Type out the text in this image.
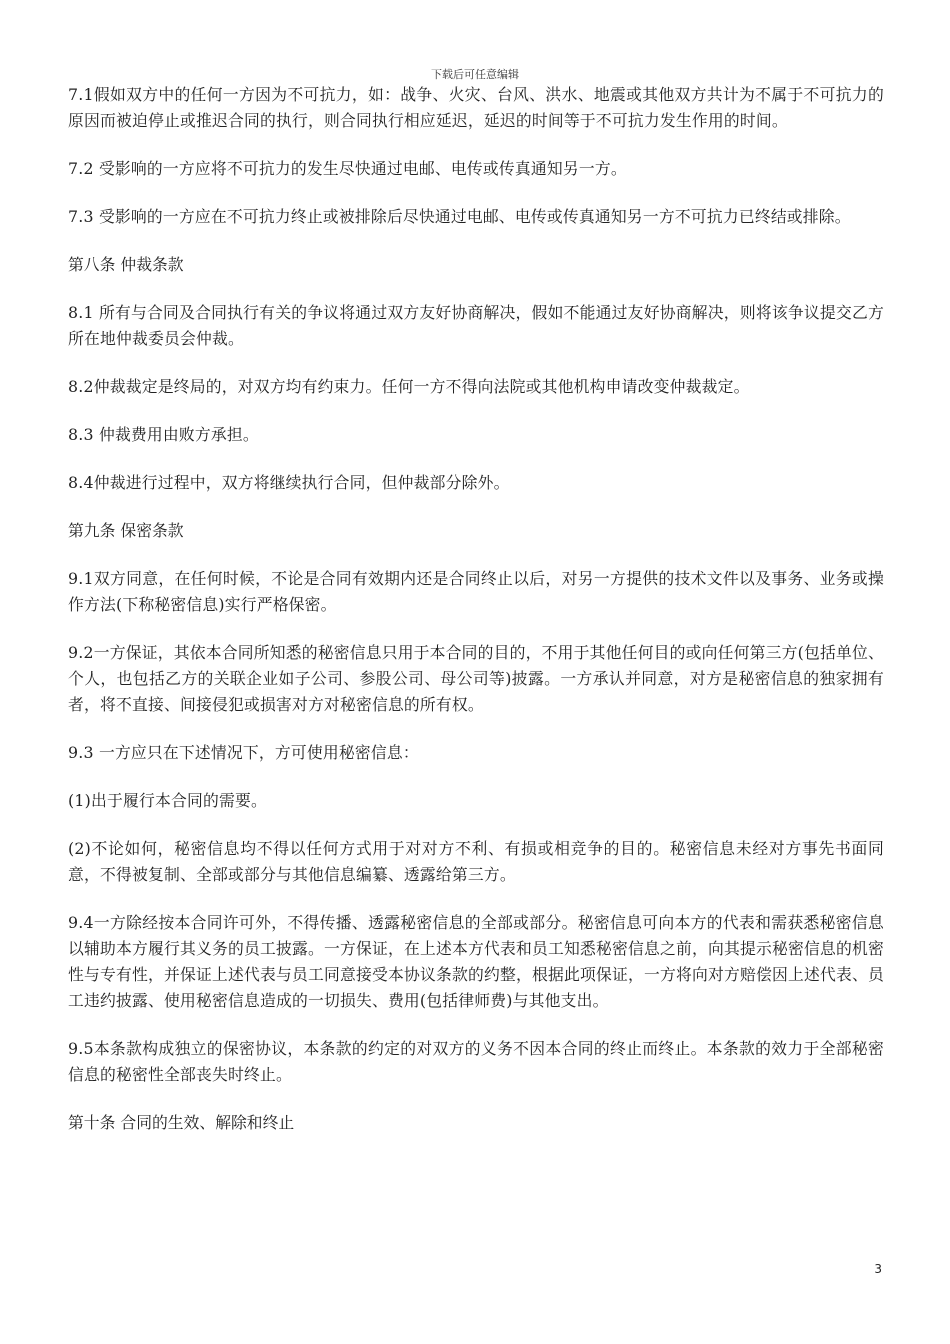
下载后可任意编辑

7.1假如双方中的任何一方因为不可抗力，如：战争、火灾、台风、洪水、地震或其他双方共计为不属于不可抗力的原因而被迫停止或推迟合同的执行，则合同执行相应延迟，延迟的时间等于不可抗力发生作用的时间。

7.2 受影响的一方应将不可抗力的发生尽快通过电邮、电传或传真通知另一方。

7.3 受影响的一方应在不可抗力终止或被排除后尽快通过电邮、电传或传真通知另一方不可抗力已终结或排除。

第八条 仲裁条款

8.1 所有与合同及合同执行有关的争议将通过双方友好协商解决，假如不能通过友好协商解决，则将该争议提交乙方所在地仲裁委员会仲裁。

8.2仲裁裁定是终局的，对双方均有约束力。任何一方不得向法院或其他机构申请改变仲裁裁定。

8.3 仲裁费用由败方承担。

8.4仲裁进行过程中，双方将继续执行合同，但仲裁部分除外。

第九条 保密条款

9.1双方同意，在任何时候，不论是合同有效期内还是合同终止以后，对另一方提供的技术文件以及事务、业务或操作方法(下称秘密信息)实行严格保密。

9.2一方保证，其依本合同所知悉的秘密信息只用于本合同的目的，不用于其他任何目的或向任何第三方(包括单位、个人，也包括乙方的关联企业如子公司、参股公司、母公司等)披露。一方承认并同意，对方是秘密信息的独家拥有者，将不直接、间接侵犯或损害对方对秘密信息的所有权。

9.3 一方应只在下述情况下，方可使用秘密信息：

(1)出于履行本合同的需要。

(2)不论如何，秘密信息均不得以任何方式用于对对方不利、有损或相竞争的目的。秘密信息未经对方事先书面同意，不得被复制、全部或部分与其他信息编纂、透露给第三方。

9.4一方除经按本合同许可外，不得传播、透露秘密信息的全部或部分。秘密信息可向本方的代表和需获悉秘密信息以辅助本方履行其义务的员工披露。一方保证，在上述本方代表和员工知悉秘密信息之前，向其提示秘密信息的机密性与专有性，并保证上述代表与员工同意接受本协议条款的约整，根据此项保证，一方将向对方赔偿因上述代表、员工违约披露、使用秘密信息造成的一切损失、费用(包括律师费)与其他支出。

9.5本条款构成独立的保密协议，本条款的约定的对双方的义务不因本合同的终止而终止。本条款的效力于全部秘密信息的秘密性全部丧失时终止。

第十条 合同的生效、解除和终止

3
